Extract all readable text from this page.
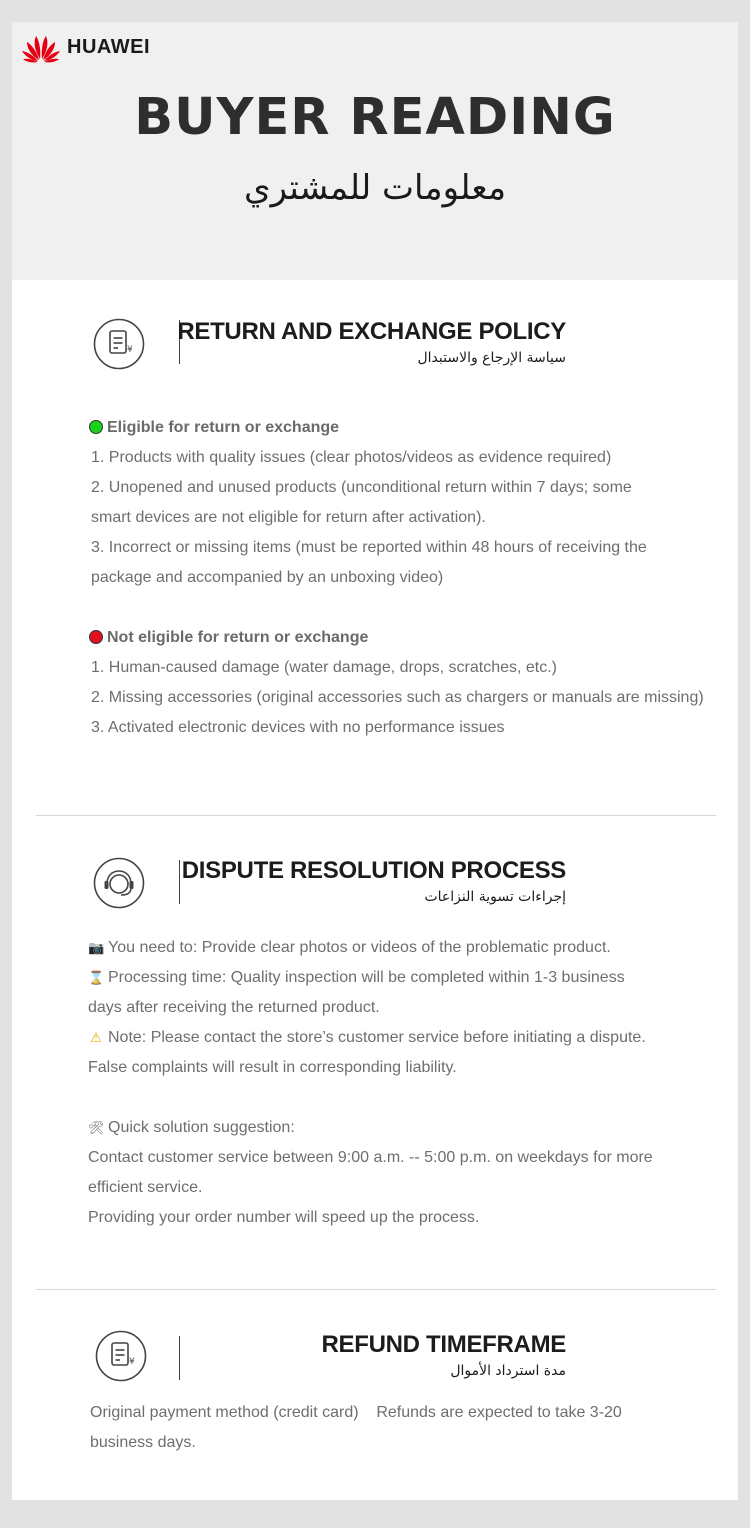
HUAWEI
BUYER READING
معلومات للمشتري
¥
RETURN AND EXCHANGE POLICY
سياسة الإرجاع والاستبدال
Eligible for return or exchange
1. Products with quality issues (clear photos/videos as evidence required)
2. Unopened and unused products (unconditional return within 7 days; some
smart devices are not eligible for return after activation).
3. Incorrect or missing items (must be reported within 48 hours of receiving the
package and accompanied by an unboxing video)
Not eligible for return or exchange
1. Human-caused damage (water damage, drops, scratches, etc.)
2. Missing accessories (original accessories such as chargers or manuals are missing)
3. Activated electronic devices with no performance issues
DISPUTE RESOLUTION PROCESS
إجراءات تسوية النزاعات
📷 You need to: Provide clear photos or videos of the problematic product.
⌛ Processing time: Quality inspection will be completed within 1-3 business
days after receiving the returned product.
⚠ Note: Please contact the store’s customer service before initiating a dispute.
False complaints will result in corresponding liability.
🛠 Quick solution suggestion:
Contact customer service between 9:00 a.m. -- 5:00 p.m. on weekdays for more
efficient service.
Providing your order number will speed up the process.
¥
REFUND TIMEFRAME
مدة استرداد الأموال
Original payment method (credit card)    Refunds are expected to take 3-20
business days.
